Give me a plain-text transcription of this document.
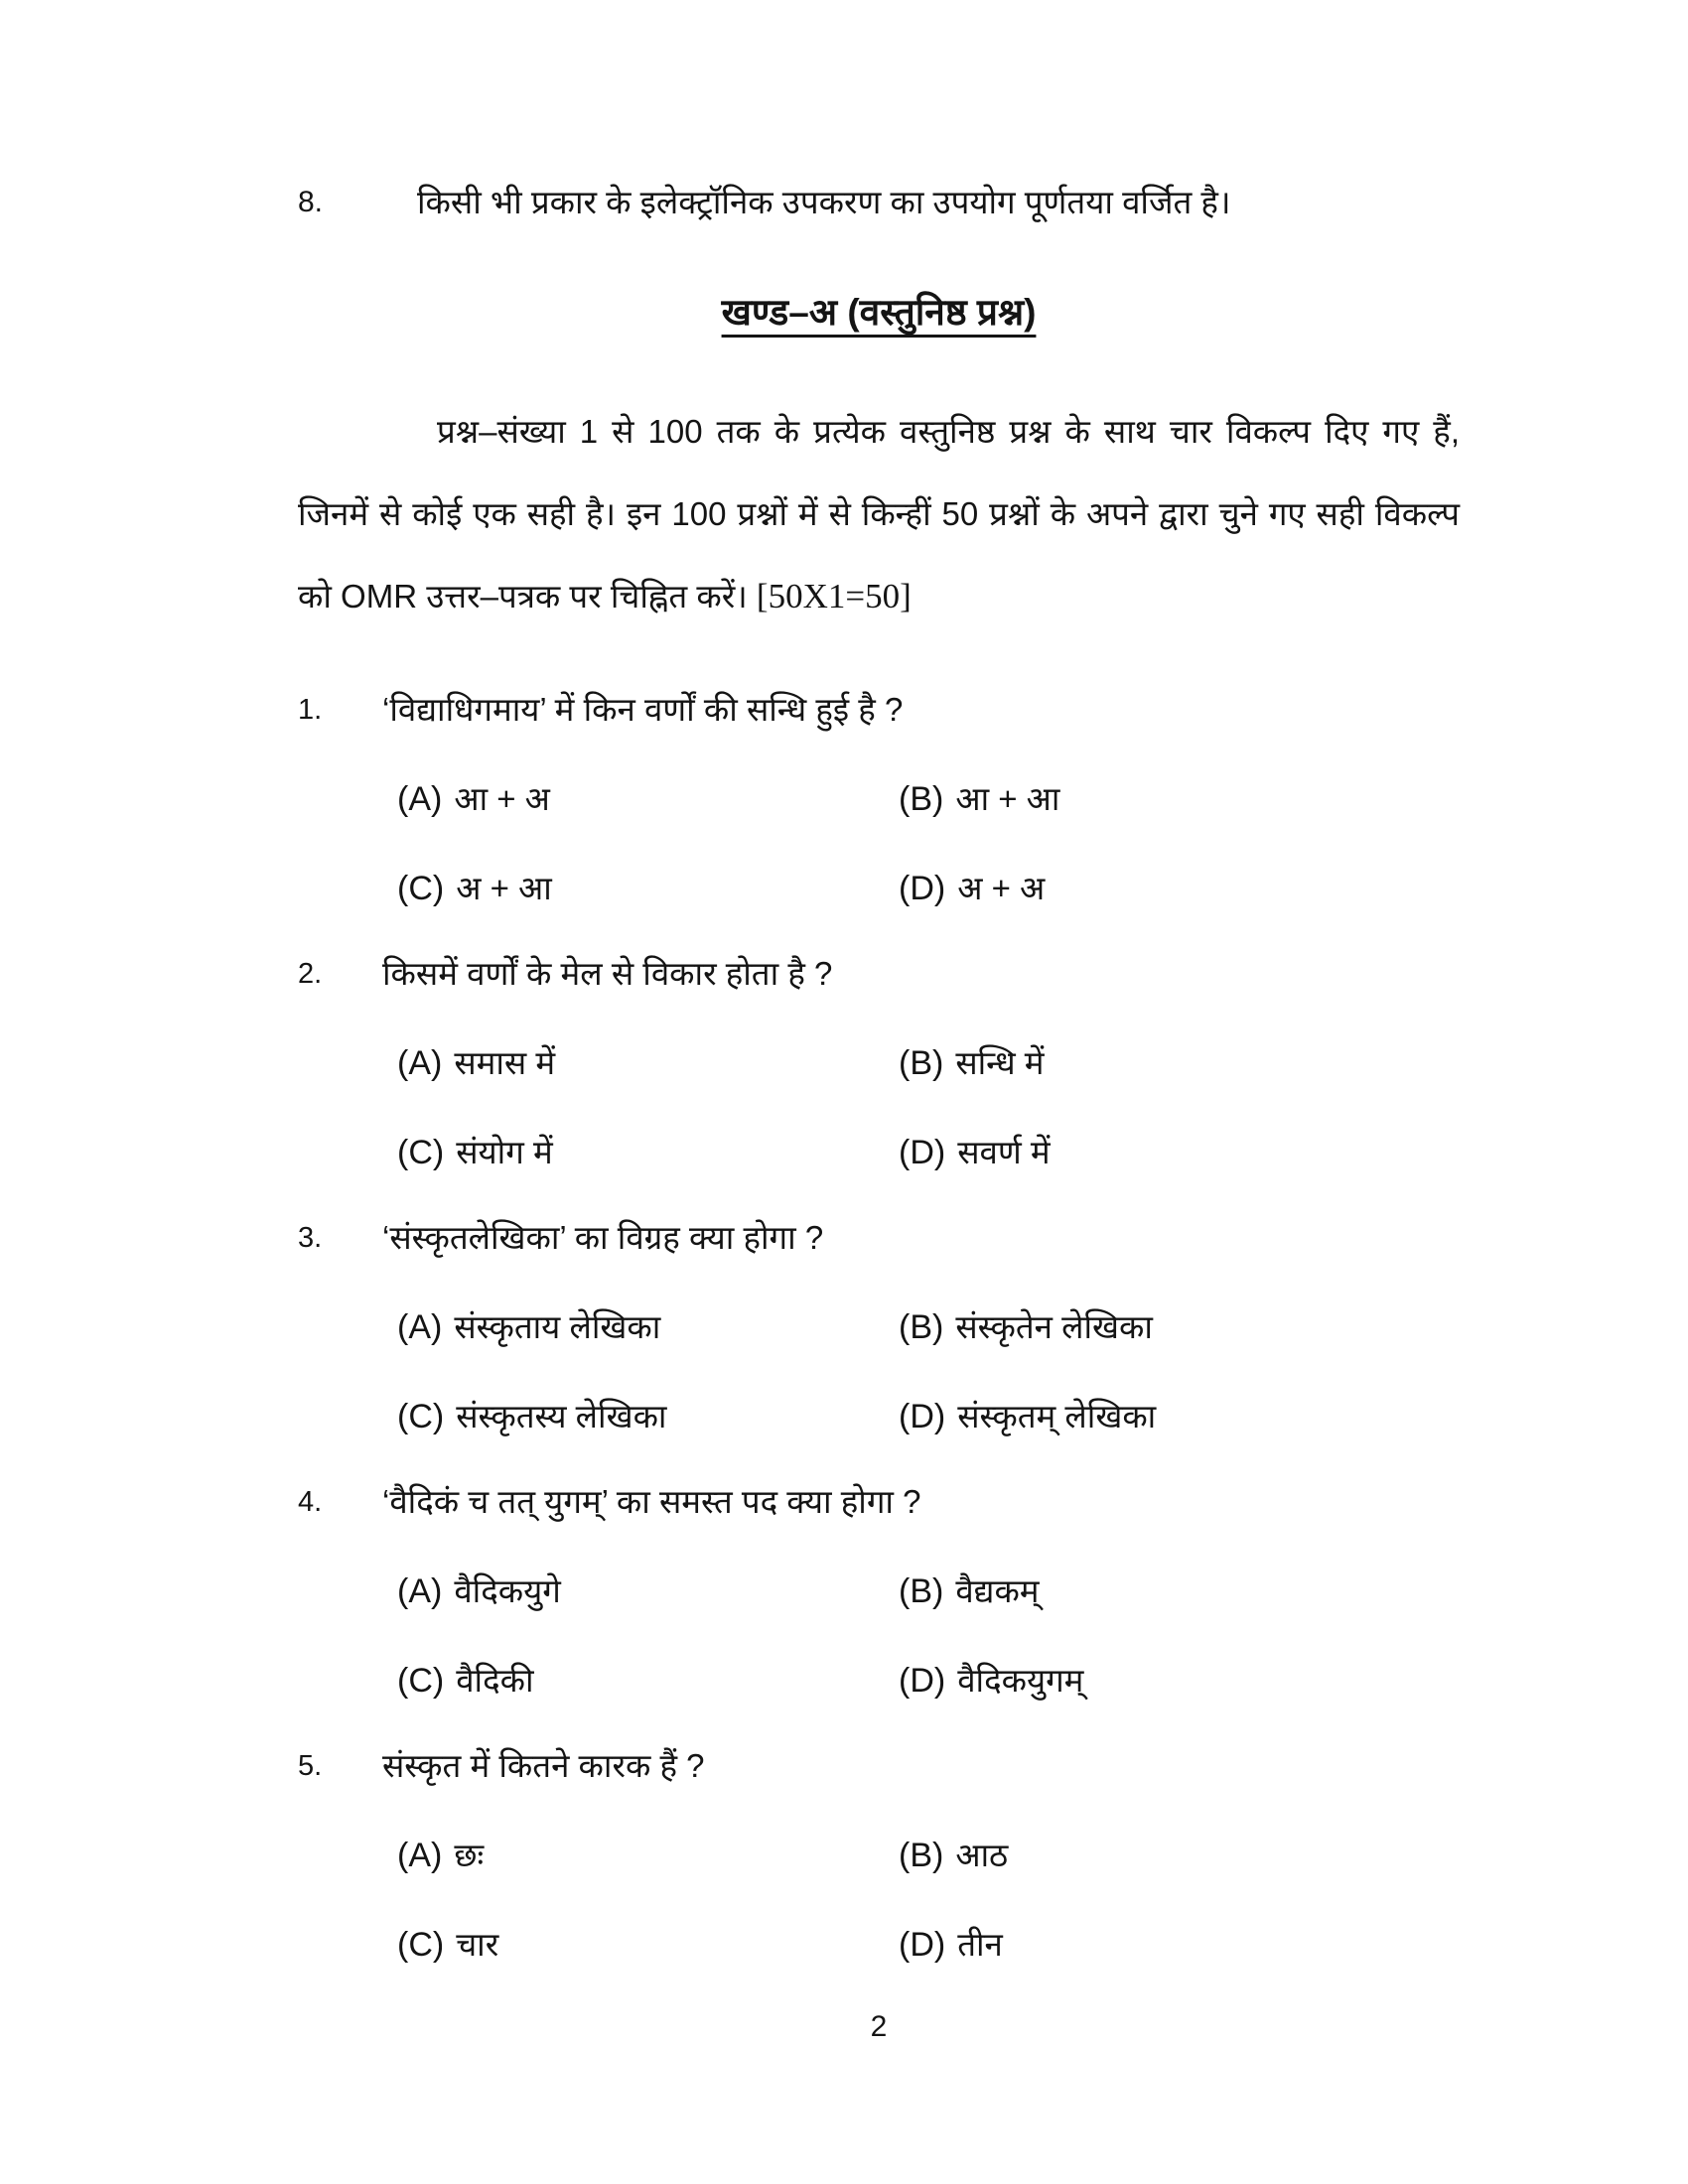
8.	किसी भी प्रकार के इलेक्ट्रॉनिक उपकरण का उपयोग पूर्णतया वर्जित है।
खण्ड–अ (वस्तुनिष्ठ प्रश्न)

प्रश्न–संख्या 1 से 100 तक के प्रत्येक वस्तुनिष्ठ प्रश्न के साथ चार विकल्प दिए गए हैं, जिनमें से कोई एक सही है। इन 100 प्रश्नों में से किन्हीं 50 प्रश्नों के अपने द्वारा चुने गए सही विकल्प को OMR उत्तर–पत्रक पर चिह्नित करें। [50X1=50]

1.	‘विद्याधिगमाय’ में किन वर्णों की सन्धि हुई है ?
(A) आ + अ	(B) आ + आ
(C) अ + आ	(D) अ + अ
2.	किसमें वर्णों के मेल से विकार होता है ?
(A) समास में	(B) सन्धि में
(C) संयोग में	(D) सवर्ण में
3.	‘संस्कृतलेखिका’ का विग्रह क्या होगा ?
(A) संस्कृताय लेखिका	(B) संस्कृतेन लेखिका
(C) संस्कृतस्य लेखिका	(D) संस्कृतम् लेखिका
4.	‘वैदिकं च तत् युगम्’ का समस्त पद क्या होगा ?
(A) वैदिकयुगे	(B) वैद्यकम्
(C) वैदिकी	(D) वैदिकयुगम्
5.	संस्कृत में कितने कारक हैं ?
(A) छः	(B) आठ
(C) चार	(D) तीन
2
